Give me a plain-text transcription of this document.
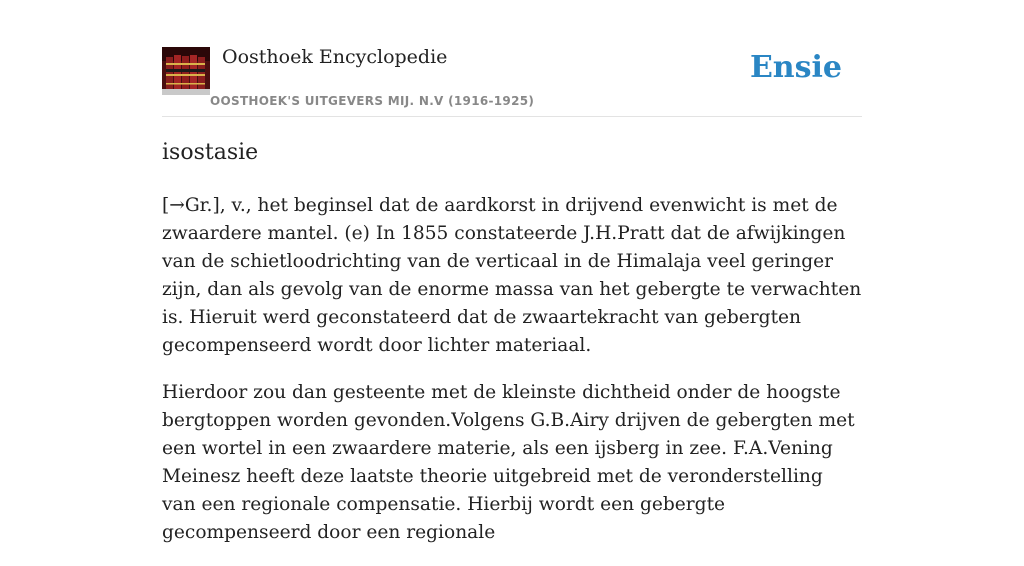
Oosthoek Encyclopedie
OOSTHOEK'S UITGEVERS MIJ. N.V (1916-1925)
Ensie
isostasie

[→Gr.], v., het beginsel dat de aardkorst in drijvend evenwicht is met de zwaardere mantel. (e) In 1855 constateerde J.H.Pratt dat de afwijkingen van de schietloodrichting van de verticaal in de Himalaja veel geringer zijn, dan als gevolg van de enorme massa van het gebergte te verwachten is. Hieruit werd geconstateerd dat de zwaartekracht van gebergten gecompenseerd wordt door lichter materiaal.

Hierdoor zou dan gesteente met de kleinste dichtheid onder de hoogste bergtoppen worden gevonden.Volgens G.B.Airy drijven de gebergten met een wortel in een zwaardere materie, als een ijsberg in zee. F.A.Vening Meinesz heeft deze laatste theorie uitgebreid met de veronderstelling van een regionale compensatie. Hierbij wordt een gebergte gecompenseerd door een regionale
